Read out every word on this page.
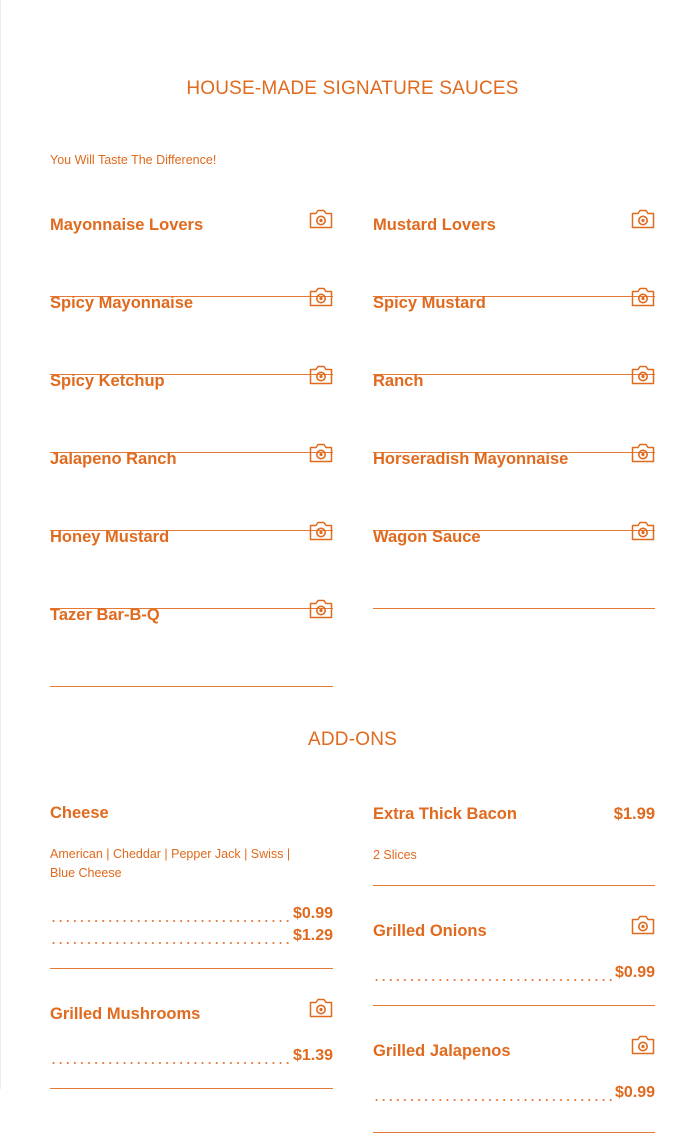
HOUSE-MADE SIGNATURE SAUCES
You Will Taste The Difference!
Mayonnaise Lovers
Spicy Mayonnaise
Spicy Ketchup
Jalapeno Ranch
Honey Mustard
Tazer Bar-B-Q
Mustard Lovers
Spicy Mustard
Ranch
Horseradish Mayonnaise
Wagon Sauce
ADD-ONS
Cheese
American | Cheddar | Pepper Jack | Swiss | Blue Cheese
$0.99
$1.29
Grilled Mushrooms
$1.39
Extra Thick Bacon	$1.99
2 Slices
Grilled Onions
$0.99
Grilled Jalapenos
$0.99
